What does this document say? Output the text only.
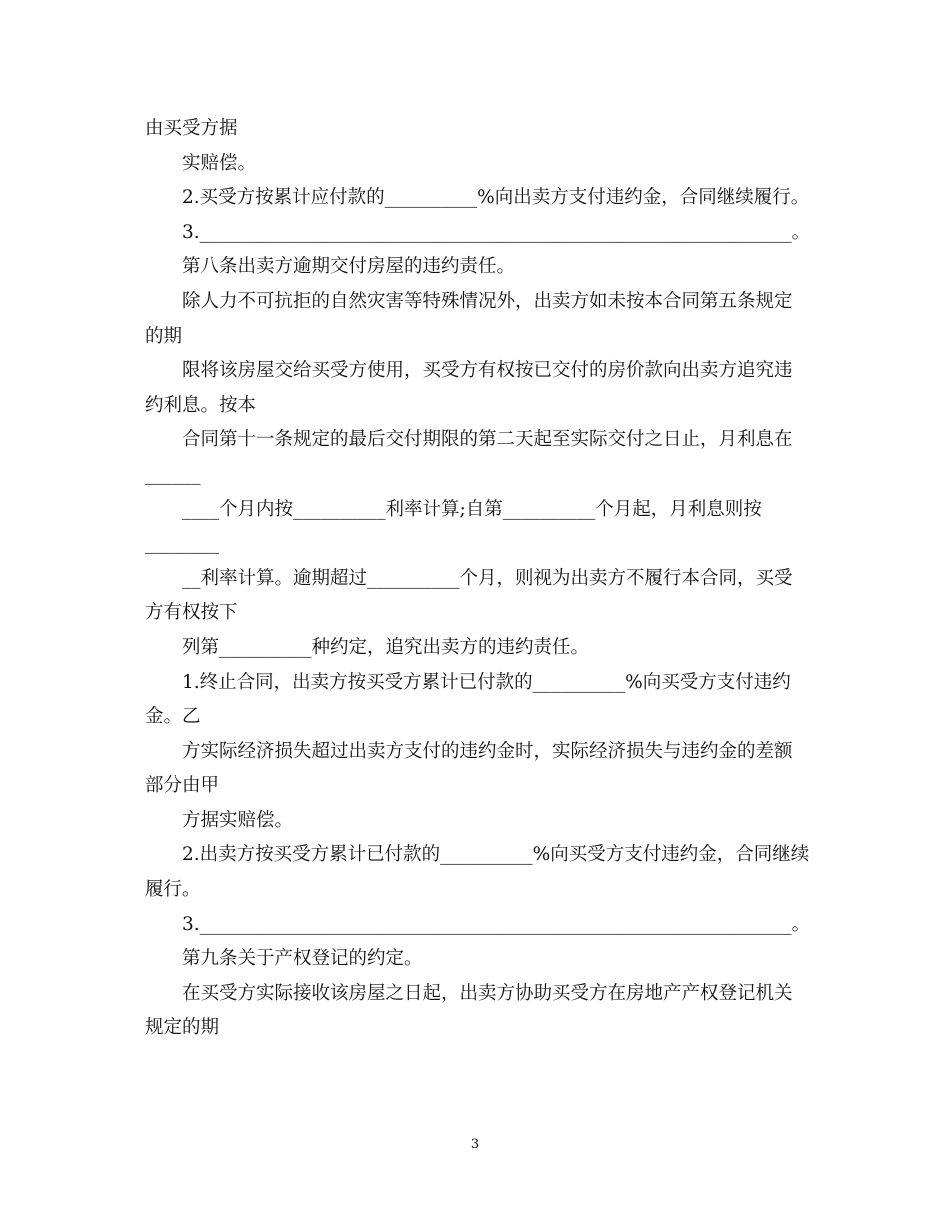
由买受方据
实赔偿。
2.买受方按累计应付款的__________%向出卖方支付违约金，合同继续履行。
3.________________________________________________________________。
第八条出卖方逾期交付房屋的违约责任。
除人力不可抗拒的自然灾害等特殊情况外，出卖方如未按本合同第五条规定
的期
限将该房屋交给买受方使用，买受方有权按已交付的房价款向出卖方追究违
约利息。按本
合同第十一条规定的最后交付期限的第二天起至实际交付之日止，月利息在
______
____个月内按__________利率计算;自第__________个月起，月利息则按
________
__利率计算。逾期超过__________个月，则视为出卖方不履行本合同，买受
方有权按下
列第__________种约定，追究出卖方的违约责任。
1.终止合同，出卖方按买受方累计已付款的__________%向买受方支付违约
金。乙
方实际经济损失超过出卖方支付的违约金时，实际经济损失与违约金的差额
部分由甲
方据实赔偿。
2.出卖方按买受方累计已付款的__________%向买受方支付违约金，合同继续
履行。
3.________________________________________________________________。
第九条关于产权登记的约定。
在买受方实际接收该房屋之日起，出卖方协助买受方在房地产产权登记机关
规定的期
3
